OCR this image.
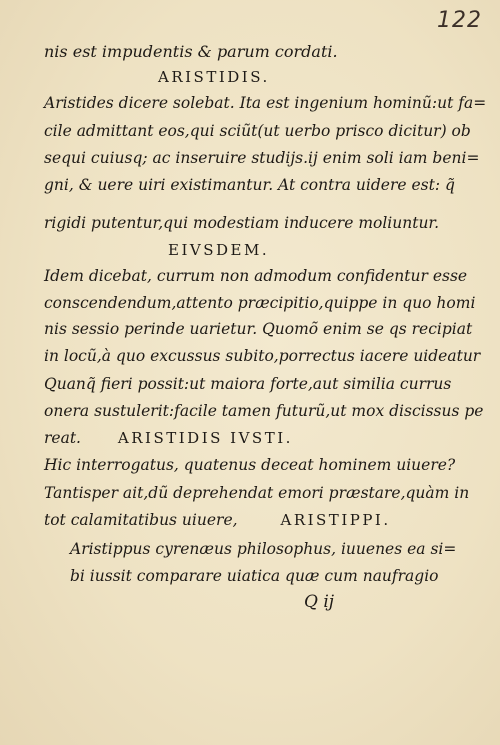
122
nis est impudentis & parum cordati.
ARISTIDIS.
Aristides dicere solebat. Ita est ingenium hominũ:ut fa=
cile admittant eos,qui sciũt(ut uerbo prisco dicitur) ob
sequi cuiusq; ac inseruire studijs.ij enim soli iam beni=
gni, & uere uiri existimantur. At contra uidere est: q̃
rigidi putentur,qui modestiam inducere moliuntur.
EIVSDEM.
Idem dicebat, currum non admodum confidentur esse
conscendendum,attento præcipitio,quippe in quo homi
nis sessio perinde uarietur. Quomõ enim se qs recipiat
in locũ,à quo excussus subito,porrectus iacere uideatur
Quanq̃ fieri possit:ut maiora forte,aut similia currus
onera sustulerit:facile tamen futurũ,ut mox discissus pe
reat. ARISTIDIS IVSTI.
Hic interrogatus, quatenus deceat hominem uiuere?
Tantisper ait,dũ deprehendat emori præstare,quàm in
tot calamitatibus uiuere,	ARISTIPPI.
Aristippus cyrenæus philosophus, iuuenes ea si=
bi iussit comparare uiatica quæ cum naufragio
Q ij
